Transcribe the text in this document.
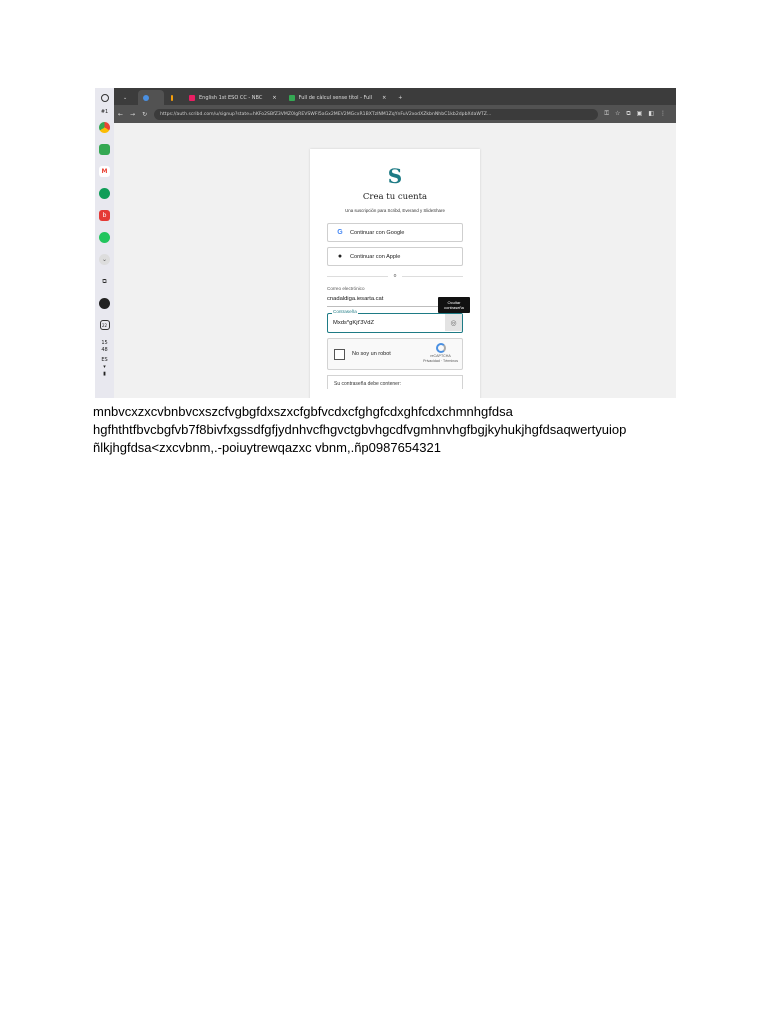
#1
M
b
⌄
⧉
22
15
48
ES
▾
▮
⌄	English 1st ESO CC - NBC ×	Full de càlcul sense títol - Full ×	+
← → ↻	https://auth.scribd.com/u/signup?state=hKFo2SBfZ3VMZ0lgREVSWFI5aGx2MEV2MGcxR1BXTzlNM1ZqYnFuV2xodXZkbnNhbC1kb2dpbXdaWTZ...	⚿☆⧉▣◧⋮
S
Crea tu cuenta
Una suscripción para Scribd, Everand y SlideShare
G Continuar con Google
●	Continuar con Apple
o
Correo electrónico
cnadaldiga.iesarta.cat
Contraseña
Mxds*gKjt'3VdZ	◎
Ocultar contraseña
No soy un robot	reCAPTCHA
Privacidad · Términos
Su contraseña debe contener:
mnbvcxzxcvbnbvcxszcfvgbgfdxszxcfgbfvcdxcfghgfcdxghfcdxchmnhgfdsa
hgfhthtfbvcbgfvb7f8bivfxgssdfgfjydnhvcfhgvctgbvhgcdfvgmhnvhgfbgjkyhukjhgfdsaqwertyuiop
ñlkjhgfdsa<zxcvbnm,.-poiuytrewqazxc vbnm,.ñp0987654321
